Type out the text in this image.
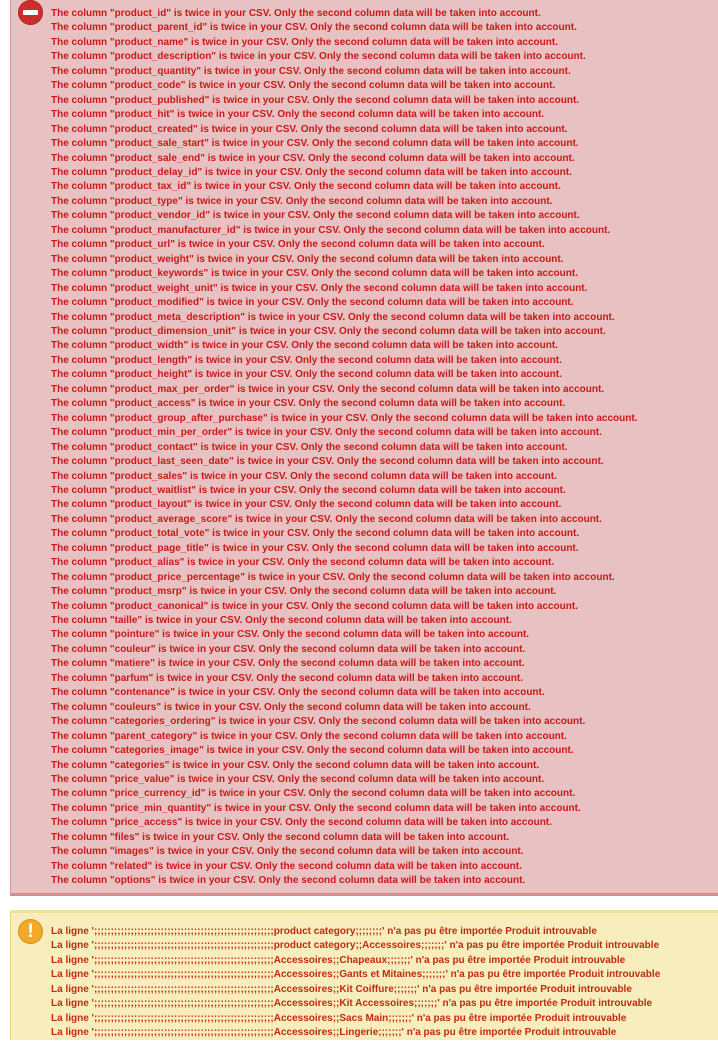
The column "product_id" is twice in your CSV. Only the second column data will be taken into account.
The column "product_parent_id" is twice in your CSV. Only the second column data will be taken into account.
The column "product_name" is twice in your CSV. Only the second column data will be taken into account.
The column "product_description" is twice in your CSV. Only the second column data will be taken into account.
The column "product_quantity" is twice in your CSV. Only the second column data will be taken into account.
The column "product_code" is twice in your CSV. Only the second column data will be taken into account.
The column "product_published" is twice in your CSV. Only the second column data will be taken into account.
The column "product_hit" is twice in your CSV. Only the second column data will be taken into account.
The column "product_created" is twice in your CSV. Only the second column data will be taken into account.
The column "product_sale_start" is twice in your CSV. Only the second column data will be taken into account.
The column "product_sale_end" is twice in your CSV. Only the second column data will be taken into account.
The column "product_delay_id" is twice in your CSV. Only the second column data will be taken into account.
The column "product_tax_id" is twice in your CSV. Only the second column data will be taken into account.
The column "product_type" is twice in your CSV. Only the second column data will be taken into account.
The column "product_vendor_id" is twice in your CSV. Only the second column data will be taken into account.
The column "product_manufacturer_id" is twice in your CSV. Only the second column data will be taken into account.
The column "product_url" is twice in your CSV. Only the second column data will be taken into account.
The column "product_weight" is twice in your CSV. Only the second column data will be taken into account.
The column "product_keywords" is twice in your CSV. Only the second column data will be taken into account.
The column "product_weight_unit" is twice in your CSV. Only the second column data will be taken into account.
The column "product_modified" is twice in your CSV. Only the second column data will be taken into account.
The column "product_meta_description" is twice in your CSV. Only the second column data will be taken into account.
The column "product_dimension_unit" is twice in your CSV. Only the second column data will be taken into account.
The column "product_width" is twice in your CSV. Only the second column data will be taken into account.
The column "product_length" is twice in your CSV. Only the second column data will be taken into account.
The column "product_height" is twice in your CSV. Only the second column data will be taken into account.
The column "product_max_per_order" is twice in your CSV. Only the second column data will be taken into account.
The column "product_access" is twice in your CSV. Only the second column data will be taken into account.
The column "product_group_after_purchase" is twice in your CSV. Only the second column data will be taken into account.
The column "product_min_per_order" is twice in your CSV. Only the second column data will be taken into account.
The column "product_contact" is twice in your CSV. Only the second column data will be taken into account.
The column "product_last_seen_date" is twice in your CSV. Only the second column data will be taken into account.
The column "product_sales" is twice in your CSV. Only the second column data will be taken into account.
The column "product_waitlist" is twice in your CSV. Only the second column data will be taken into account.
The column "product_layout" is twice in your CSV. Only the second column data will be taken into account.
The column "product_average_score" is twice in your CSV. Only the second column data will be taken into account.
The column "product_total_vote" is twice in your CSV. Only the second column data will be taken into account.
The column "product_page_title" is twice in your CSV. Only the second column data will be taken into account.
The column "product_alias" is twice in your CSV. Only the second column data will be taken into account.
The column "product_price_percentage" is twice in your CSV. Only the second column data will be taken into account.
The column "product_msrp" is twice in your CSV. Only the second column data will be taken into account.
The column "product_canonical" is twice in your CSV. Only the second column data will be taken into account.
The column "taille" is twice in your CSV. Only the second column data will be taken into account.
The column "pointure" is twice in your CSV. Only the second column data will be taken into account.
The column "couleur" is twice in your CSV. Only the second column data will be taken into account.
The column "matiere" is twice in your CSV. Only the second column data will be taken into account.
The column "parfum" is twice in your CSV. Only the second column data will be taken into account.
The column "contenance" is twice in your CSV. Only the second column data will be taken into account.
The column "couleurs" is twice in your CSV. Only the second column data will be taken into account.
The column "categories_ordering" is twice in your CSV. Only the second column data will be taken into account.
The column "parent_category" is twice in your CSV. Only the second column data will be taken into account.
The column "categories_image" is twice in your CSV. Only the second column data will be taken into account.
The column "categories" is twice in your CSV. Only the second column data will be taken into account.
The column "price_value" is twice in your CSV. Only the second column data will be taken into account.
The column "price_currency_id" is twice in your CSV. Only the second column data will be taken into account.
The column "price_min_quantity" is twice in your CSV. Only the second column data will be taken into account.
The column "price_access" is twice in your CSV. Only the second column data will be taken into account.
The column "files" is twice in your CSV. Only the second column data will be taken into account.
The column "images" is twice in your CSV. Only the second column data will be taken into account.
The column "related" is twice in your CSV. Only the second column data will be taken into account.
The column "options" is twice in your CSV. Only the second column data will be taken into account.
!	La ligne ';;;;;;;;;;;;;;;;;;;;;;;;;;;;;;;;;;;;;;;;;;;;;;;;;;;;;;product category;;;;;;;;' n'a pas pu être importée Produit introuvable
La ligne ';;;;;;;;;;;;;;;;;;;;;;;;;;;;;;;;;;;;;;;;;;;;;;;;;;;;;;product category;;Accessoires;;;;;;;' n'a pas pu être importée Produit introuvable
La ligne ';;;;;;;;;;;;;;;;;;;;;;;;;;;;;;;;;;;;;;;;;;;;;;;;;;;;;;Accessoires;;Chapeaux;;;;;;;' n'a pas pu être importée Produit introuvable
La ligne ';;;;;;;;;;;;;;;;;;;;;;;;;;;;;;;;;;;;;;;;;;;;;;;;;;;;;;Accessoires;;Gants et Mitaines;;;;;;;' n'a pas pu être importée Produit introuvable
La ligne ';;;;;;;;;;;;;;;;;;;;;;;;;;;;;;;;;;;;;;;;;;;;;;;;;;;;;;Accessoires;;Kit Coiffure;;;;;;;' n'a pas pu être importée Produit introuvable
La ligne ';;;;;;;;;;;;;;;;;;;;;;;;;;;;;;;;;;;;;;;;;;;;;;;;;;;;;;Accessoires;;Kit Accessoires;;;;;;;' n'a pas pu être importée Produit introuvable
La ligne ';;;;;;;;;;;;;;;;;;;;;;;;;;;;;;;;;;;;;;;;;;;;;;;;;;;;;;Accessoires;;Sacs Main;;;;;;;' n'a pas pu être importée Produit introuvable
La ligne ';;;;;;;;;;;;;;;;;;;;;;;;;;;;;;;;;;;;;;;;;;;;;;;;;;;;;;Accessoires;;Lingerie;;;;;;;' n'a pas pu être importée Produit introuvable
